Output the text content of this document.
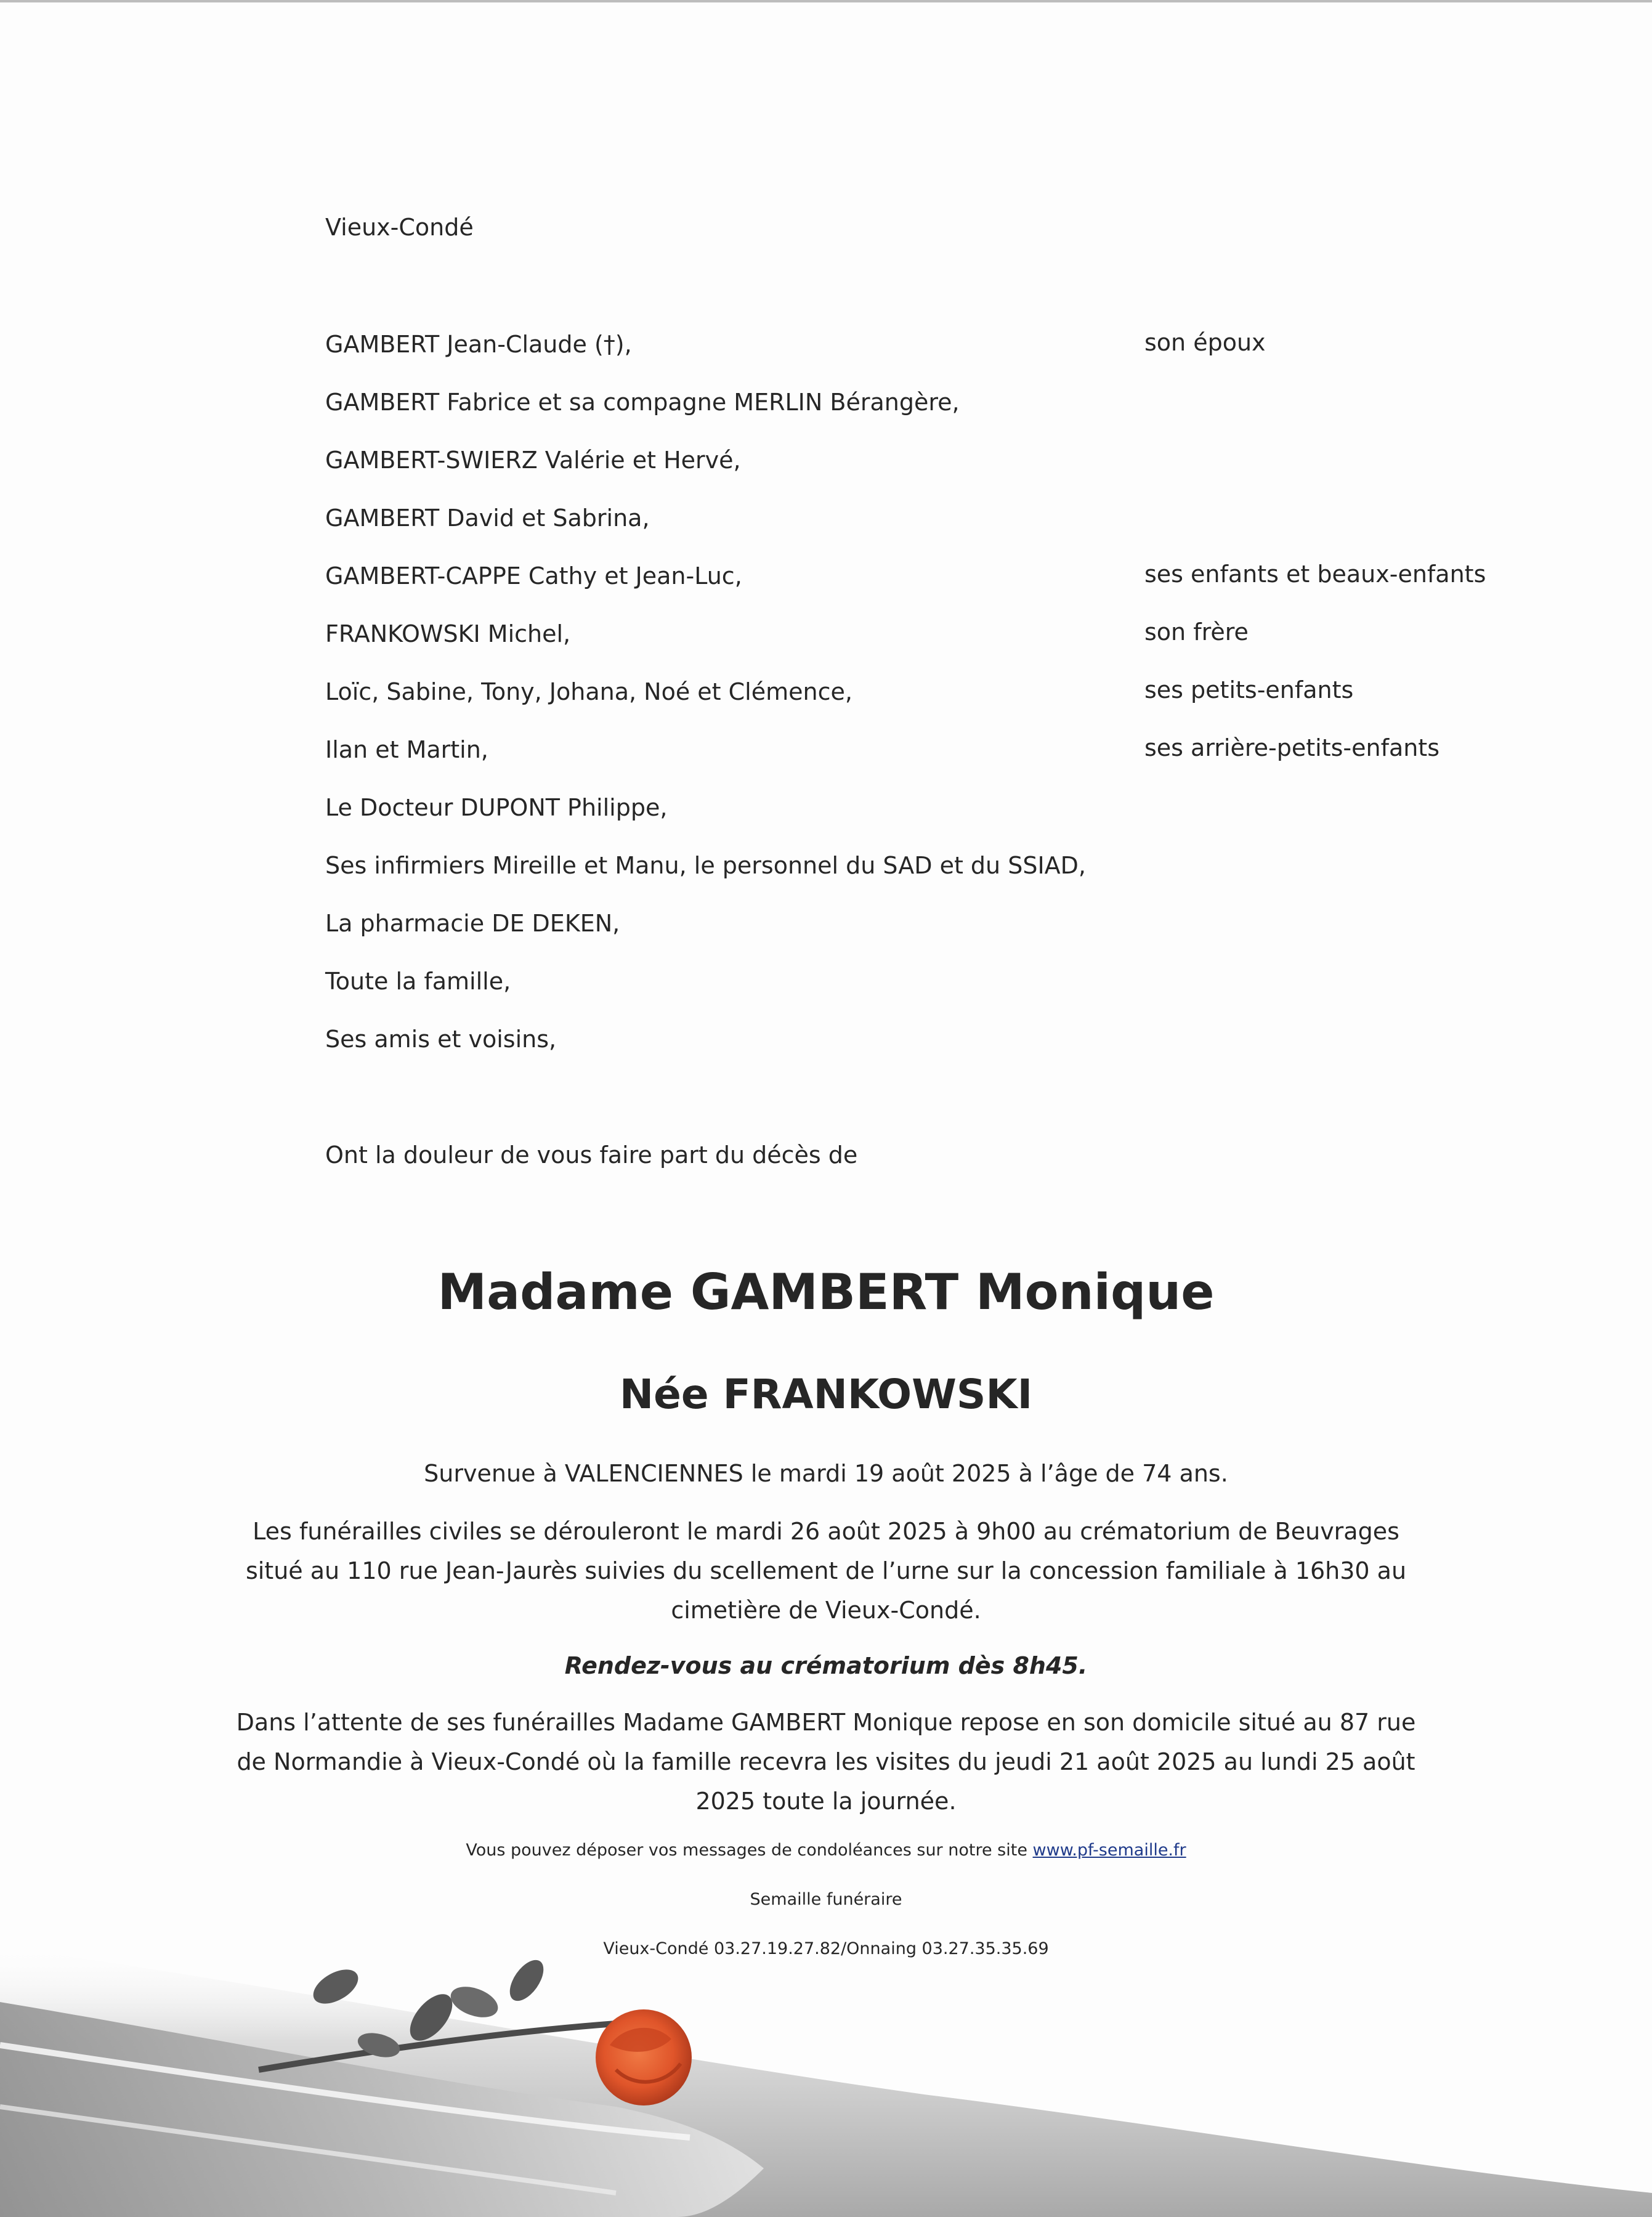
Vieux-Condé
GAMBERT Jean-Claude (†),
GAMBERT Fabrice et sa compagne MERLIN Bérangère,
GAMBERT-SWIERZ Valérie et Hervé,
GAMBERT David et Sabrina,
GAMBERT-CAPPE Cathy et Jean-Luc,
FRANKOWSKI Michel,
Loïc, Sabine, Tony, Johana, Noé et Clémence,
Ilan et Martin,
Le Docteur DUPONT Philippe,
Ses infirmiers Mireille et Manu, le personnel du SAD et du SSIAD,
La pharmacie DE DEKEN,
Toute la famille,
Ses amis et voisins,
son époux
ses enfants et beaux-enfants
son frère
ses petits-enfants
ses arrière-petits-enfants
Ont la douleur de vous faire part du décès de
Madame GAMBERT Monique
Née FRANKOWSKI
Survenue à VALENCIENNES le mardi 19 août 2025 à l’âge de 74 ans.
Les funérailles civiles se dérouleront le mardi 26 août 2025 à 9h00 au crématorium de Beuvrages
situé au 110 rue Jean-Jaurès suivies du scellement de l’urne sur la concession familiale à 16h30 au
cimetière de Vieux-Condé.
Rendez-vous au crématorium dès 8h45.
Dans l’attente de ses funérailles Madame GAMBERT Monique repose en son domicile situé au 87 rue
de Normandie à Vieux-Condé où la famille recevra les visites du jeudi 21 août 2025 au lundi 25 août
2025 toute la journée.
Vous pouvez déposer vos messages de condoléances sur notre site www.pf-semaille.fr
Semaille funéraire
Vieux-Condé 03.27.19.27.82/Onnaing 03.27.35.35.69
